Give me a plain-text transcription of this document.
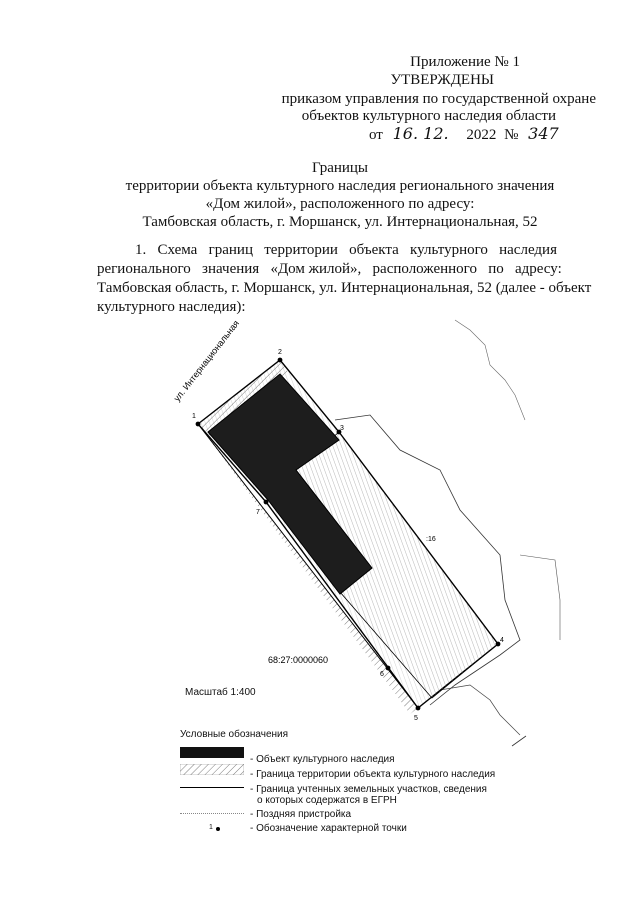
Приложение № 1
УТВЕРЖДЕНЫ
приказом управления по государственной охране
объектов культурного наследия области
от 16. 12. 2022 № 347
Границы
территории объекта культурного наследия регионального значения
«Дом жилой», расположенного по адресу:
Тамбовская область, г. Моршанск, ул. Интернациональная, 52
1.   Схема   границ   территории   объекта   культурного   наследия
регионального   значения   «Дом жилой»,   расположенного   по   адресу:
Тамбовская область, г. Моршанск, ул. Интернациональная, 52 (далее - объект
культурного наследия):
1
2
3
4
5
6
7
ул. Интернациональная
:16
68:27:0000060
Масштаб 1:400
Условные обозначения
- Объект культурного наследия
- Граница территории объекта культурного наследия
- Граница учтенных земельных участков, сведения
о которых содержатся в ЕГРН
- Поздняя пристройка
1	- Обозначение характерной точки
